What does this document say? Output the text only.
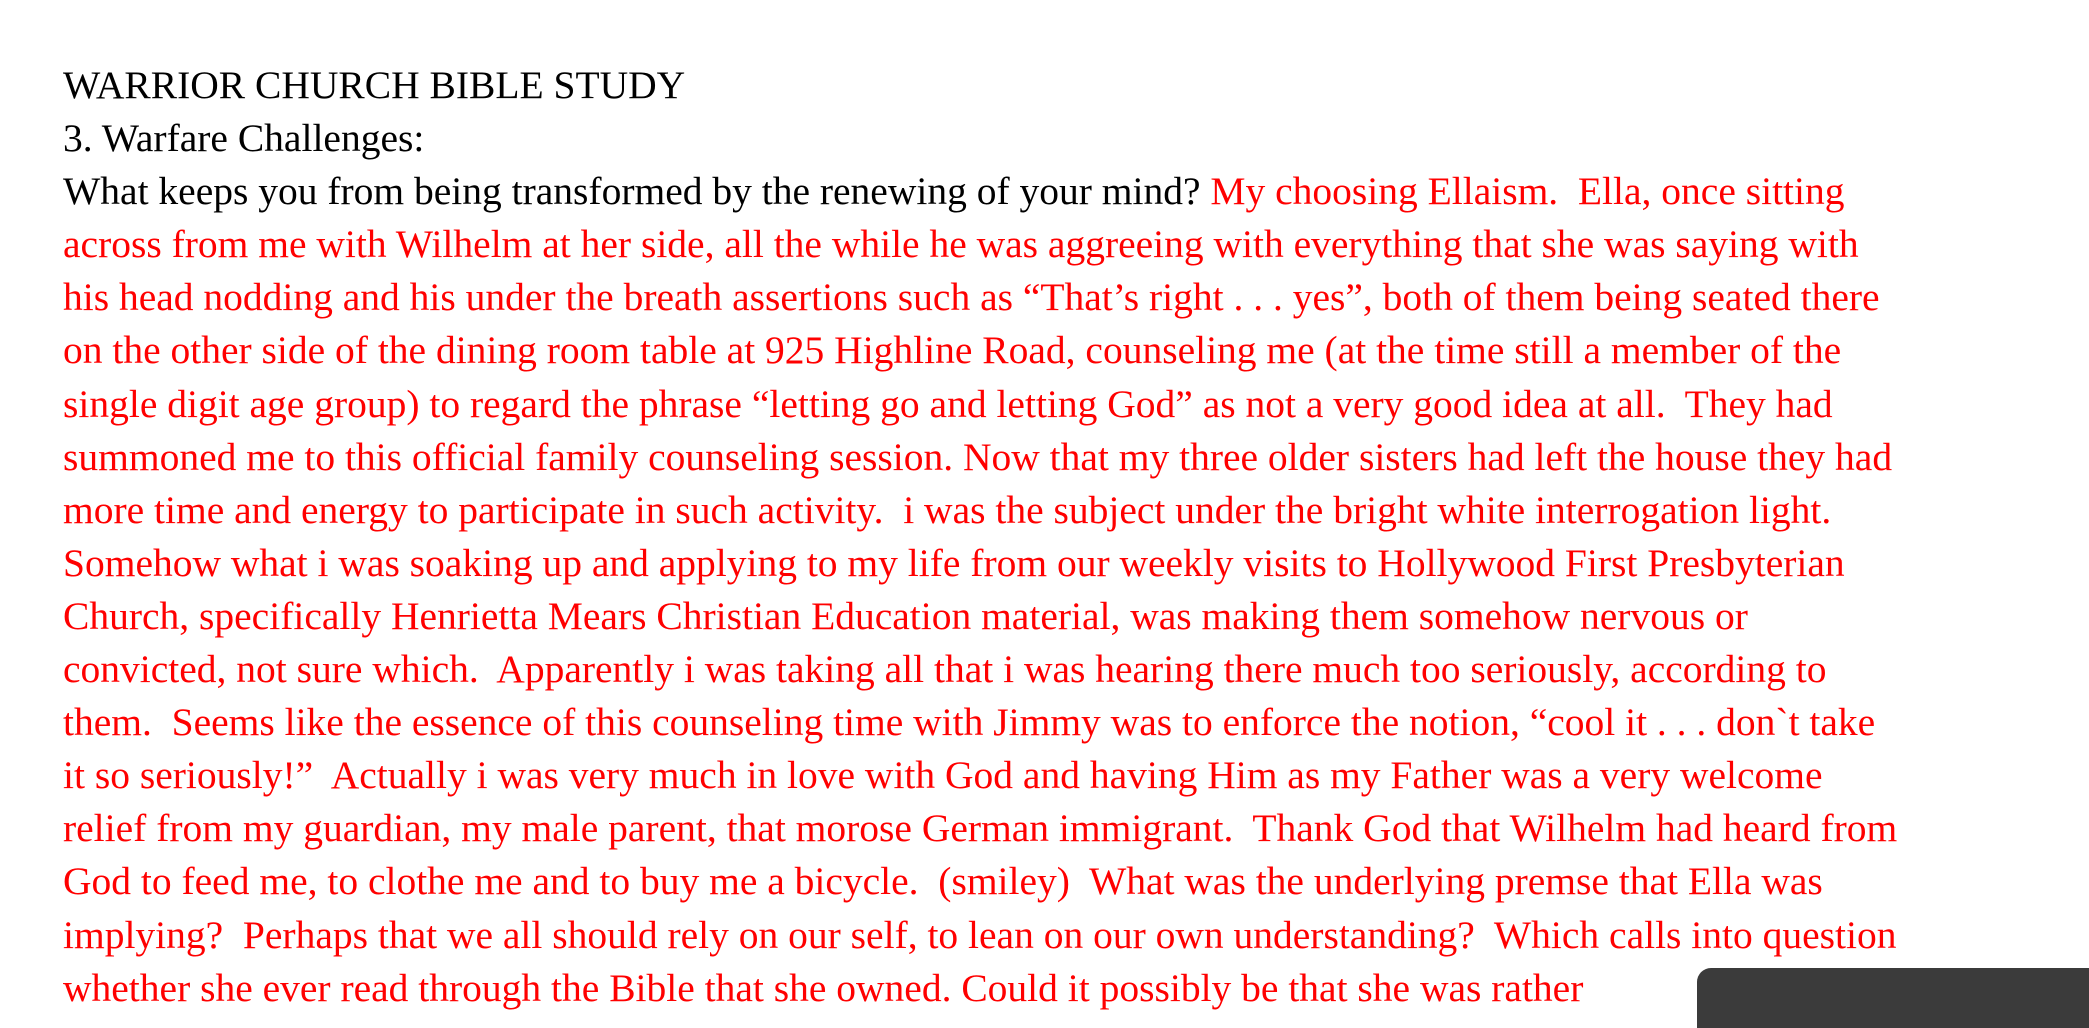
WARRIOR CHURCH BIBLE STUDY
3. Warfare Challenges:
What keeps you from being transformed by the renewing of your mind? My choosing Ellaism.  Ella, once sitting
across from me with Wilhelm at her side, all the while he was aggreeing with everything that she was saying with
his head nodding and his under the breath assertions such as “That’s right . . . yes”, both of them being seated there
on the other side of the dining room table at 925 Highline Road, counseling me (at the time still a member of the
single digit age group) to regard the phrase “letting go and letting God” as not a very good idea at all.  They had
summoned me to this official family counseling session. Now that my three older sisters had left the house they had
more time and energy to participate in such activity.  i was the subject under the bright white interrogation light.
Somehow what i was soaking up and applying to my life from our weekly visits to Hollywood First Presbyterian
Church, specifically Henrietta Mears Christian Education material, was making them somehow nervous or
convicted, not sure which.  Apparently i was taking all that i was hearing there much too seriously, according to
them.  Seems like the essence of this counseling time with Jimmy was to enforce the notion, “cool it . . . don`t take
it so seriously!”  Actually i was very much in love with God and having Him as my Father was a very welcome
relief from my guardian, my male parent, that morose German immigrant.  Thank God that Wilhelm had heard from
God to feed me, to clothe me and to buy me a bicycle.  (smiley)  What was the underlying premse that Ella was
implying?  Perhaps that we all should rely on our self, to lean on our own understanding?  Which calls into question
whether she ever read through the Bible that she owned. Could it possibly be that she was rather
